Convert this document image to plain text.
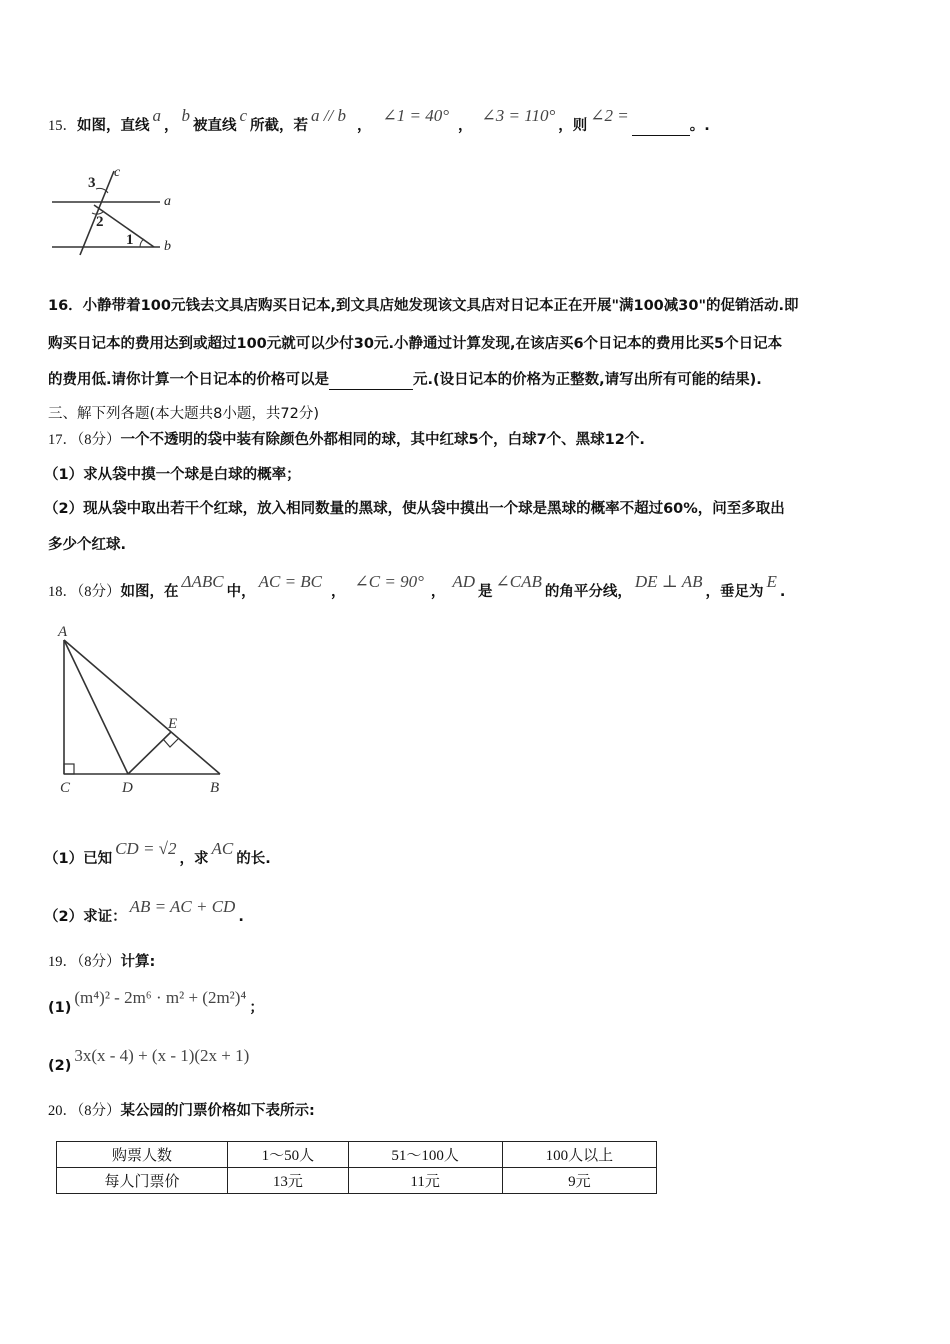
15．如图，直线a，b被直线c所截，若a // b，∠1 = 40°，∠3 = 110°，则∠2 =。.
3
c
a
2
1 b
16．小静带着100元钱去文具店购买日记本,到文具店她发现该文具店对日记本正在开展"满100减30"的促销活动.即
购买日记本的费用达到或超过100元就可以少付30元.小静通过计算发现,在该店买6个日记本的费用比买5个日记本
的费用低.请你计算一个日记本的价格可以是	元.(设日记本的价格为正整数,请写出所有可能的结果).
三、解下列各题(本大题共8小题，共72分)
17．（8分）一个不透明的袋中装有除颜色外都相同的球，其中红球5个，白球7个、黑球12个.
（1）求从袋中摸一个球是白球的概率；
（2）现从袋中取出若干个红球，放入相同数量的黑球，使从袋中摸出一个球是黑球的概率不超过60%，问至多取出
多少个红球.
18．（8分）如图，在ΔABC中，AC = BC，∠C = 90°，AD是∠CAB的角平分线，DE ⊥ AB，垂足为E.
A
E
C	D	B
（1）已知CD = √2，求AC的长.
（2）求证：AB = AC + CD.
19．（8分）计算:
(1)(m⁴)² - 2m⁶ · m² + (2m²)⁴；
(2)3x(x - 4) + (x - 1)(2x + 1)
20．（8分）某公园的门票价格如下表所示:
购票人数	1～50人	51～100人	100人以上
每人门票价	13元	11元	9元
